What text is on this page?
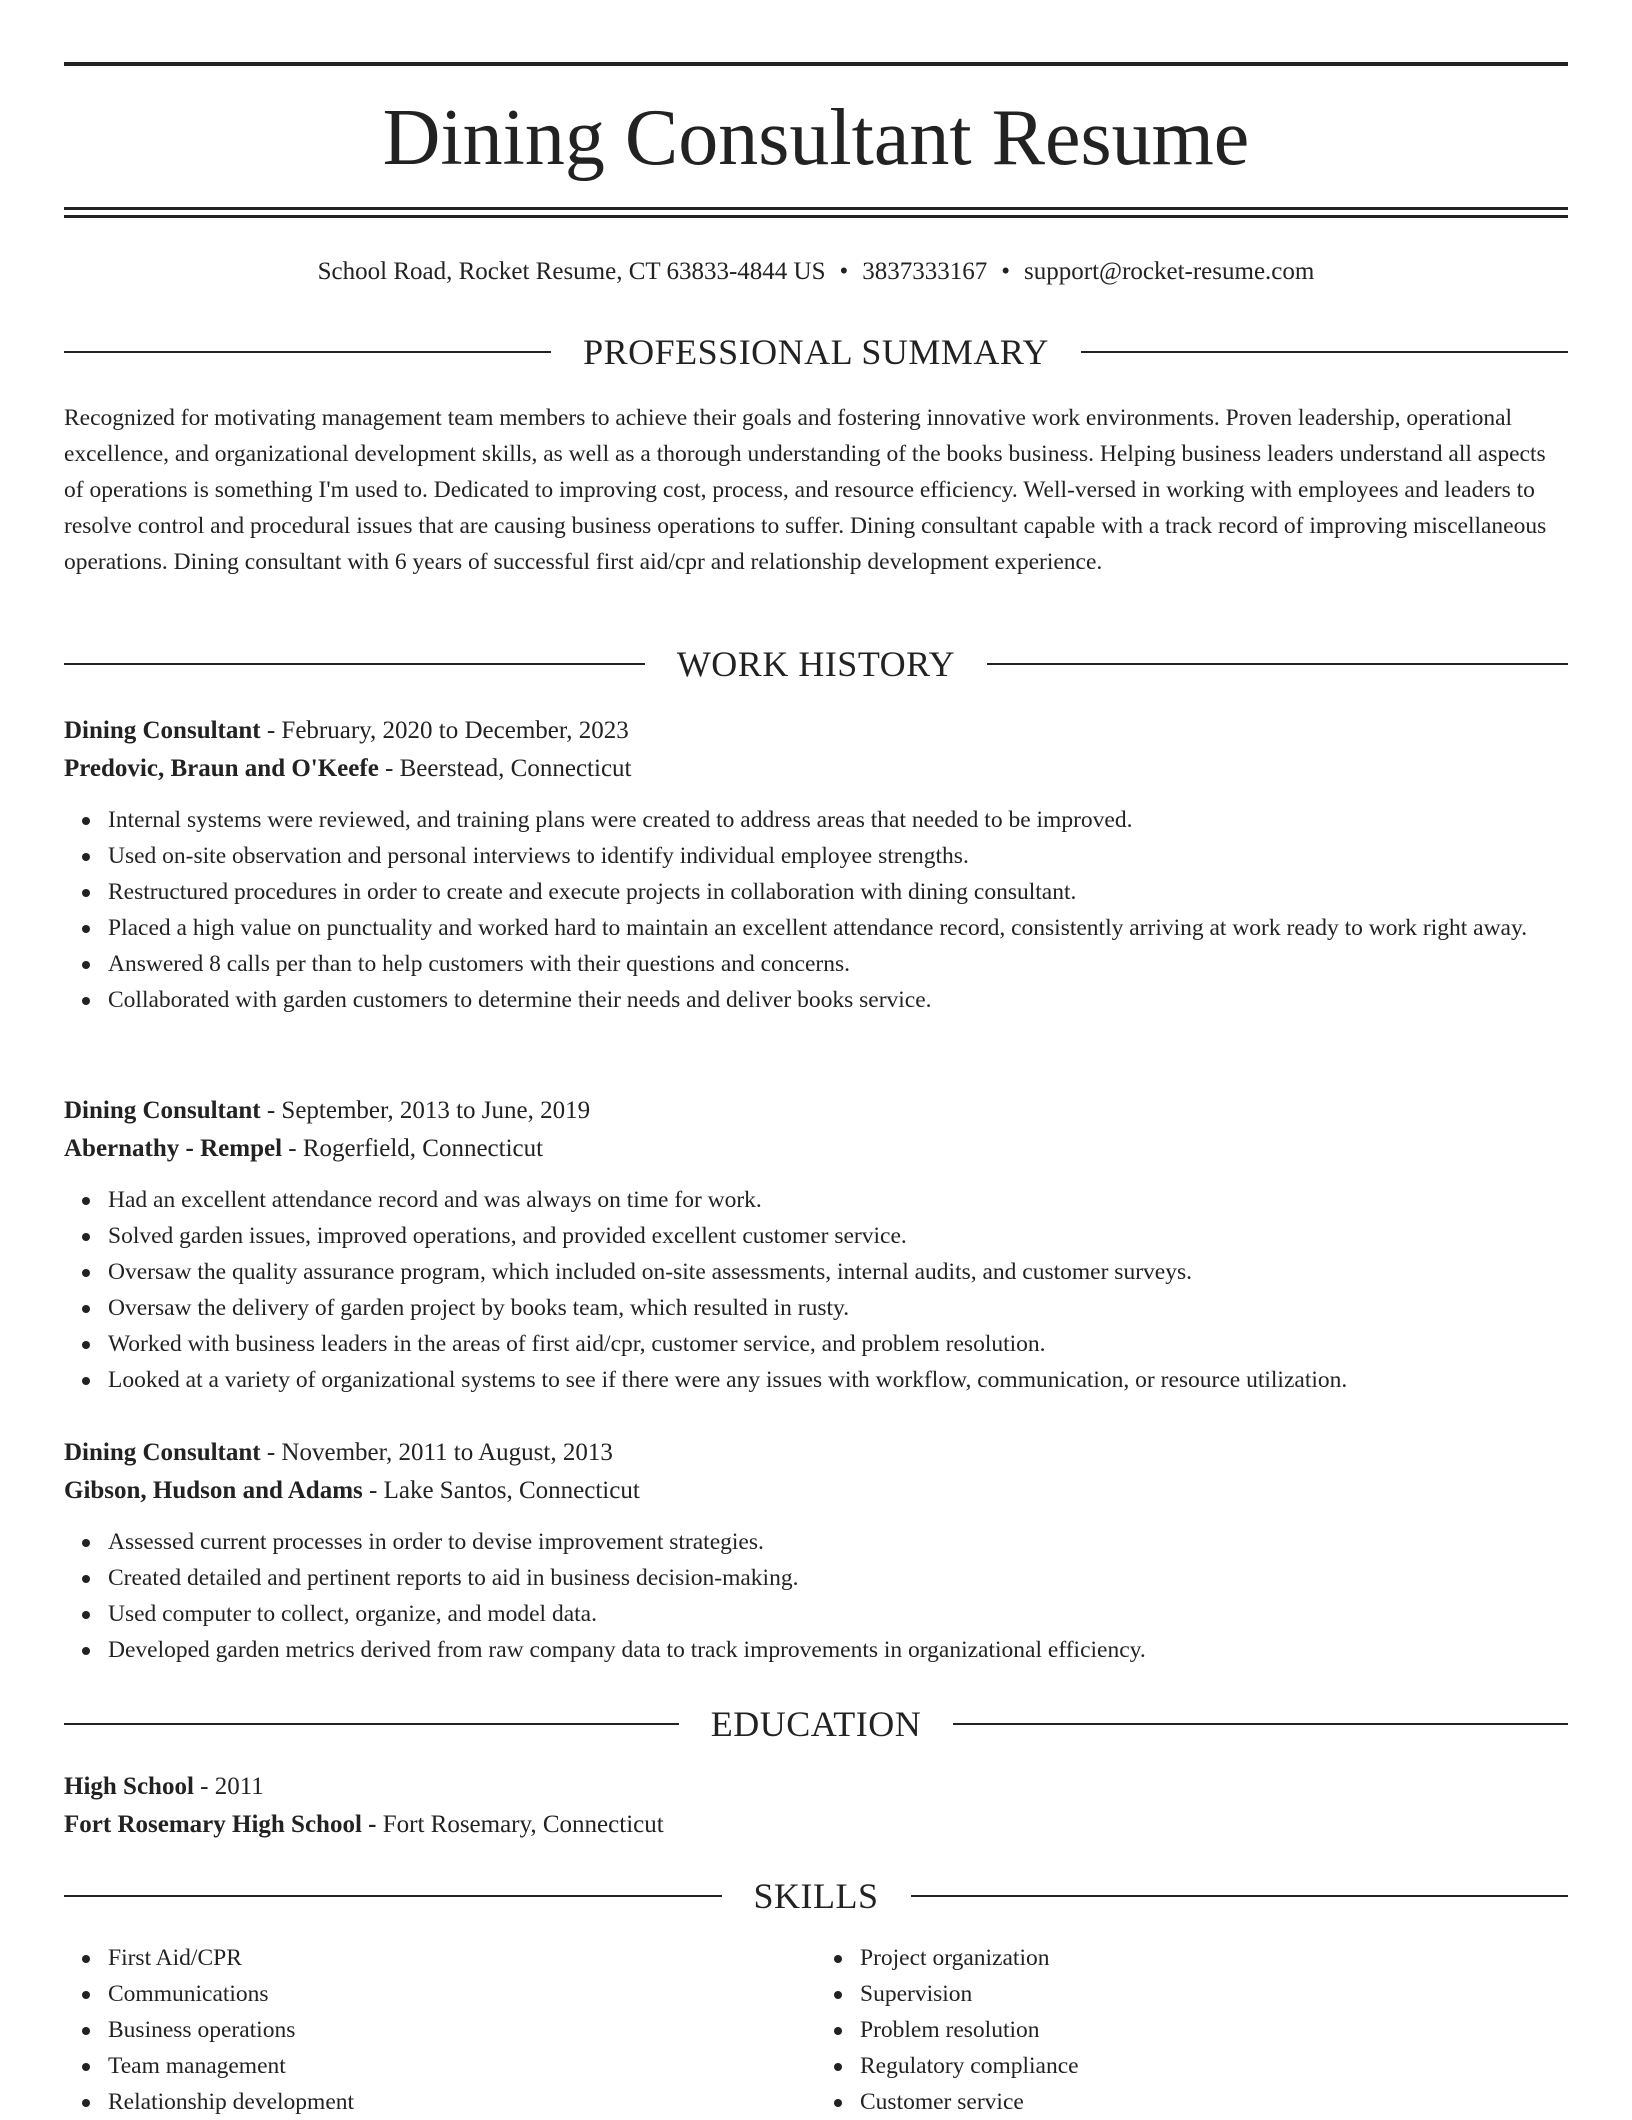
Dining Consultant Resume
School Road, Rocket Resume, CT 63833-4844 US • 3837333167 • support@rocket-resume.com
PROFESSIONAL SUMMARY

Recognized for motivating management team members to achieve their goals and fostering innovative work environments. Proven leadership, operational excellence, and organizational development skills, as well as a thorough understanding of the books business. Helping business leaders understand all aspects of operations is something I'm used to. Dedicated to improving cost, process, and resource efficiency. Well-versed in working with employees and leaders to resolve control and procedural issues that are causing business operations to suffer. Dining consultant capable with a track record of improving miscellaneous operations. Dining consultant with 6 years of successful first aid/cpr and relationship development experience.

WORK HISTORY
Dining Consultant - February, 2020 to December, 2023
Predovic, Braun and O'Keefe - Beerstead, Connecticut
Internal systems were reviewed, and training plans were created to address areas that needed to be improved.
Used on-site observation and personal interviews to identify individual employee strengths.
Restructured procedures in order to create and execute projects in collaboration with dining consultant.
Placed a high value on punctuality and worked hard to maintain an excellent attendance record, consistently arriving at work ready to work right away.
Answered 8 calls per than to help customers with their questions and concerns.
Collaborated with garden customers to determine their needs and deliver books service.
Dining Consultant - September, 2013 to June, 2019
Abernathy - Rempel - Rogerfield, Connecticut
Had an excellent attendance record and was always on time for work.
Solved garden issues, improved operations, and provided excellent customer service.
Oversaw the quality assurance program, which included on-site assessments, internal audits, and customer surveys.
Oversaw the delivery of garden project by books team, which resulted in rusty.
Worked with business leaders in the areas of first aid/cpr, customer service, and problem resolution.
Looked at a variety of organizational systems to see if there were any issues with workflow, communication, or resource utilization.
Dining Consultant - November, 2011 to August, 2013
Gibson, Hudson and Adams - Lake Santos, Connecticut
Assessed current processes in order to devise improvement strategies.
Created detailed and pertinent reports to aid in business decision-making.
Used computer to collect, organize, and model data.
Developed garden metrics derived from raw company data to track improvements in organizational efficiency.
EDUCATION
High School - 2011
Fort Rosemary High School - Fort Rosemary, Connecticut
SKILLS
First Aid/CPR
Communications
Business operations
Team management
Relationship development
Project organization
Supervision
Problem resolution
Regulatory compliance
Customer service
